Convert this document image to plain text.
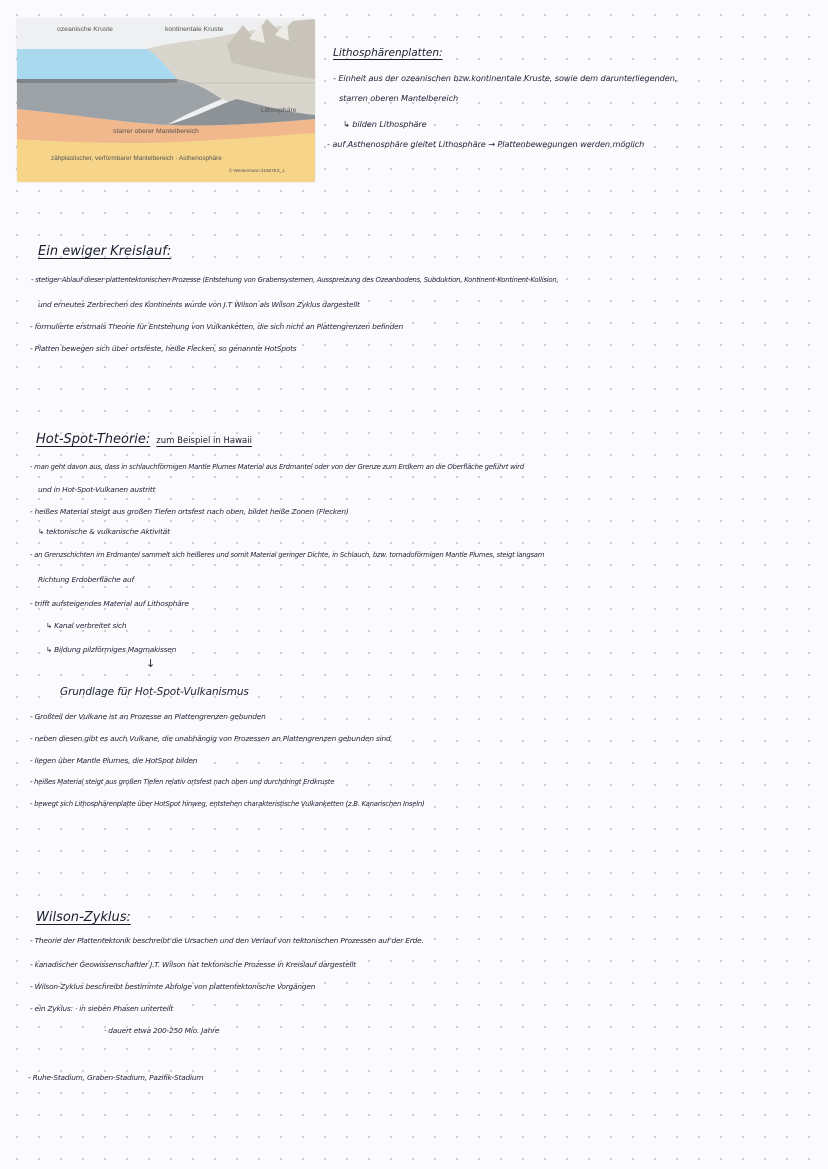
ozeanische Kruste	kontinentale Kruste
Lithosphäre
starrer oberer Mantelbereich
zähplastischer, verformbarer Mantelbereich · Asthenosphäre
© Westermann 31657EX_1
Lithosphärenplatten:

- Einheit aus der ozeanischen bzw.kontinentale Kruste, sowie dem darunterliegenden,

starren oberen Mantelbereich

↳ bilden Lithosphäre

- auf Asthenosphäre gleitet Lithosphäre → Plattenbewegungen werden möglich

Ein ewiger Kreislauf:

- stetiger Ablauf dieser plattentektonischen Prozesse (Entstehung von Grabensystemen, Ausspreizung des Ozeanbodens, Subduktion, Kontinent-Kontinent-Kollision,

und erneutes Zerbrechen des Kontinents wurde von J.T Wilson als Wilson Zyklus dargestellt

- formulierte erstmals Theorie für Entstehung von Vulkanketten, die sich nicht an Plattengrenzen befinden

- Platten bewegen sich über ortsfeste, heiße Flecken, so genannte HotSpots

Hot-Spot-Theorie: zum Beispiel in Hawaii

- man geht davon aus, dass in schlauchförmigen Mantle Plumes Material aus Erdmantel oder von der Grenze zum Erdkern an die Oberfläche geführt wird

und in Hot-Spot-Vulkanen austritt

- heißes Material steigt aus großen Tiefen ortsfest nach oben, bildet heiße Zonen (Flecken)

↳ tektonische & vulkanische Aktivität

- an Grenzschichten im Erdmantel sammelt sich heißeres und somit Material geringer Dichte, in Schlauch, bzw. tornadoförmigen Mantle Plumes, steigt langsam

Richtung Erdoberfläche auf

- trifft aufsteigendes Material auf Lithosphäre

↳ Kanal verbreitet sich

↳ Bildung pilzförmiges Magmakissen

↓

Grundlage für Hot-Spot-Vulkanismus

- Großteil der Vulkane ist an Prozesse an Plattengrenzen gebunden

- neben diesen gibt es auch Vulkane, die unabhängig von Prozessen an Plattengrenzen gebunden sind

- liegen über Mantle Plumes, die HotSpot bilden

- heißes Material steigt aus großen Tiefen relativ ortsfest nach oben und durchdringt Erdkruste

- bewegt sich Lithosphärenplatte über HotSpot hinweg, entstehen charakteristische Vulkanketten (z.B. Kanarischen Inseln)

Wilson-Zyklus:

- Theorie der Plattentektonik beschreibt die Ursachen und den Verlauf von tektonischen Prozessen auf der Erde.

- kanadischer Geowissenschaftler J.T. Wilson hat tektonische Prozesse in Kreislauf dargestellt

- Wilson-Zyklus beschreibt bestimmte Abfolge von plattentektonische Vorgängen

- ein Zyklus: · in sieben Phasen unterteilt

· dauert etwa 200-250 Mio. Jahre

- Ruhe-Stadium, Graben-Stadium, Pazifik-Stadium
